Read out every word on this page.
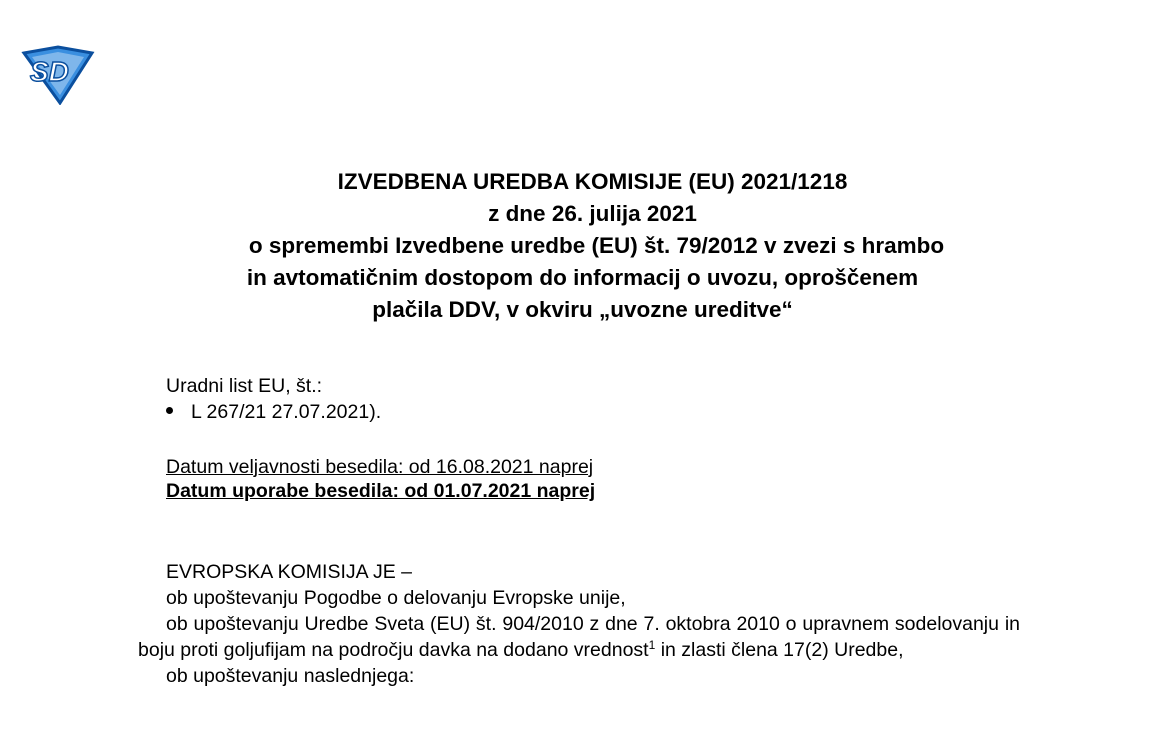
SD
IZVEDBENA UREDBA KOMISIJE (EU) 2021/1218
z dne 26. julija 2021
o spremembi Izvedbene uredbe (EU) št. 79/2012 v zvezi s hrambo
in avtomatičnim dostopom do informacij o uvozu, oproščenem
plačila DDV, v okviru „uvozne ureditve“
Uradni list EU, št.:
L 267/21 27.07.2021).
Datum veljavnosti besedila: od 16.08.2021 naprej
Datum uporabe besedila: od 01.07.2021 naprej
EVROPSKA KOMISIJA JE –
ob upoštevanju Pogodbe o delovanju Evropske unije,
ob upoštevanju Uredbe Sveta (EU) št. 904/2010 z dne 7. oktobra 2010 o upravnem sodelovanju in boju proti goljufijam na področju davka na dodano vrednost$^1$ in zlasti člena 17(2) Uredbe,
ob upoštevanju naslednjega:
